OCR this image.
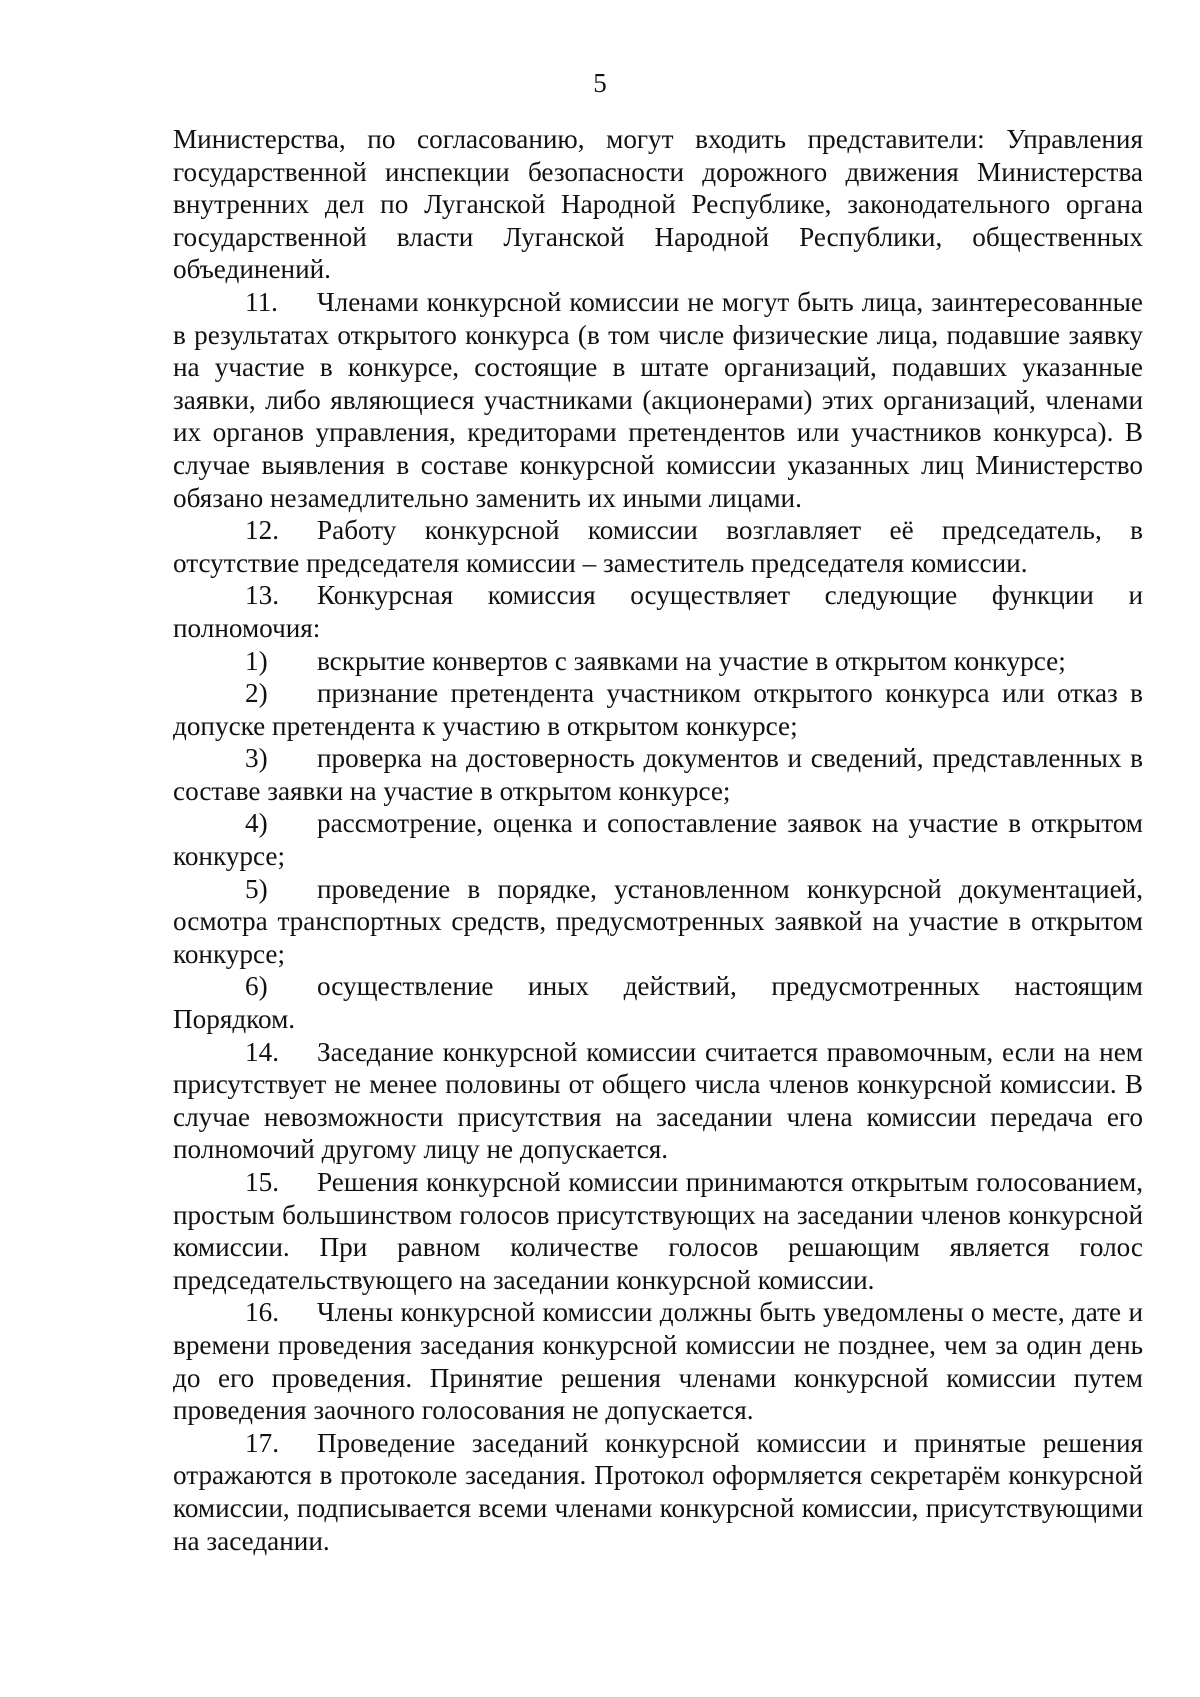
5

Министерства, по согласованию, могут входить представители: Управления государственной инспекции безопасности дорожного движения Министерства внутренних дел по Луганской Народной Республике, законодательного органа государственной власти Луганской Народной Республики, общественных объединений.

11. Членами конкурсной комиссии не могут быть лица, заинтересованные в результатах открытого конкурса (в том числе физические лица, подавшие заявку на участие в конкурсе, состоящие в штате организаций, подавших указанные заявки, либо являющиеся участниками (акционерами) этих организаций, членами их органов управления, кредиторами претендентов или участников конкурса). В случае выявления в составе конкурсной комиссии указанных лиц Министерство обязано незамедлительно заменить их иными лицами.

12. Работу конкурсной комиссии возглавляет её председатель, в отсутствие председателя комиссии – заместитель председателя комиссии.

13. Конкурсная комиссия осуществляет следующие функции и полномочия:

1) вскрытие конвертов с заявками на участие в открытом конкурсе;

2) признание претендента участником открытого конкурса или отказ в допуске претендента к участию в открытом конкурсе;

3) проверка на достоверность документов и сведений, представленных в составе заявки на участие в открытом конкурсе;

4) рассмотрение, оценка и сопоставление заявок на участие в открытом конкурсе;

5) проведение в порядке, установленном конкурсной документацией, осмотра транспортных средств, предусмотренных заявкой на участие в открытом конкурсе;

6) осуществление иных действий, предусмотренных настоящим Порядком.

14. Заседание конкурсной комиссии считается правомочным, если на нем присутствует не менее половины от общего числа членов конкурсной комиссии. В случае невозможности присутствия на заседании члена комиссии передача его полномочий другому лицу не допускается.

15. Решения конкурсной комиссии принимаются открытым голосованием, простым большинством голосов присутствующих на заседании членов конкурсной комиссии. При равном количестве голосов решающим является голос председательствующего на заседании конкурсной комиссии.

16. Члены конкурсной комиссии должны быть уведомлены о месте, дате и времени проведения заседания конкурсной комиссии не позднее, чем за один день до его проведения. Принятие решения членами конкурсной комиссии путем проведения заочного голосования не допускается.

17. Проведение заседаний конкурсной комиссии и принятые решения отражаются в протоколе заседания. Протокол оформляется секретарём конкурсной комиссии, подписывается всеми членами конкурсной комиссии, присутствующими на заседании.
